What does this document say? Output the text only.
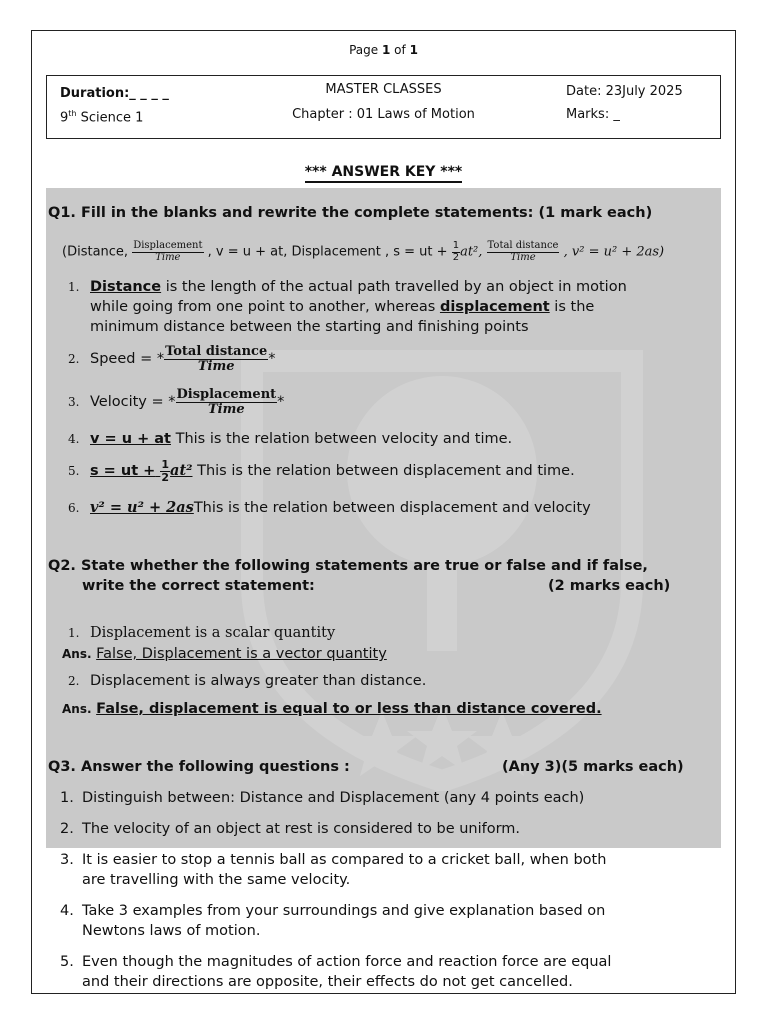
Page 1 of 1
Duration:_ _ _ _
9th Science 1
MASTER CLASSES
Chapter : 01 Laws of Motion
Date: 23July 2025
Marks: _
*** ANSWER KEY ***
Q1. Fill in the blanks and rewrite the complete statements: (1 mark each)
(Distance, $\frac{\text{Displacement}}{\text{Time}}$ , v = u + at, Displacement , s = ut + $\frac{1}{2} at^2$, $\frac{\text{Total distance}}{\text{Time}}$ , v² = u² + 2as)
1. Distance is the length of the actual path travelled by an object in motion
while going from one point to another, whereas displacement is the
minimum distance between the starting and finishing points
2. Speed = * $\frac{\text{Total distance}}{\text{Time}}$ *
3. Velocity = * $\frac{\text{Displacement}}{\text{Time}}$ *
4. v = u + at This is the relation between velocity and time.
5. s = ut + $\frac{1}{2} at^2$ This is the relation between displacement and time.
6. v² = u² + 2asThis is the relation between displacement and velocity
Q2. State whether the following statements are true or false and if false,
write the correct statement:	(2 marks each)
1. Displacement is a scalar quantity
Ans. False, Displacement is a vector quantity
2. Displacement is always greater than distance.
Ans. False, displacement is equal to or less than distance covered.
Q3. Answer the following questions :	(Any 3)(5 marks each)
1. Distinguish between: Distance and Displacement (any 4 points each)
2. The velocity of an object at rest is considered to be uniform.
3. It is easier to stop a tennis ball as compared to a cricket ball, when both
are travelling with the same velocity.
4. Take 3 examples from your surroundings and give explanation based on
Newtons laws of motion.
5. Even though the magnitudes of action force and reaction force are equal
and their directions are opposite, their effects do not get cancelled.
